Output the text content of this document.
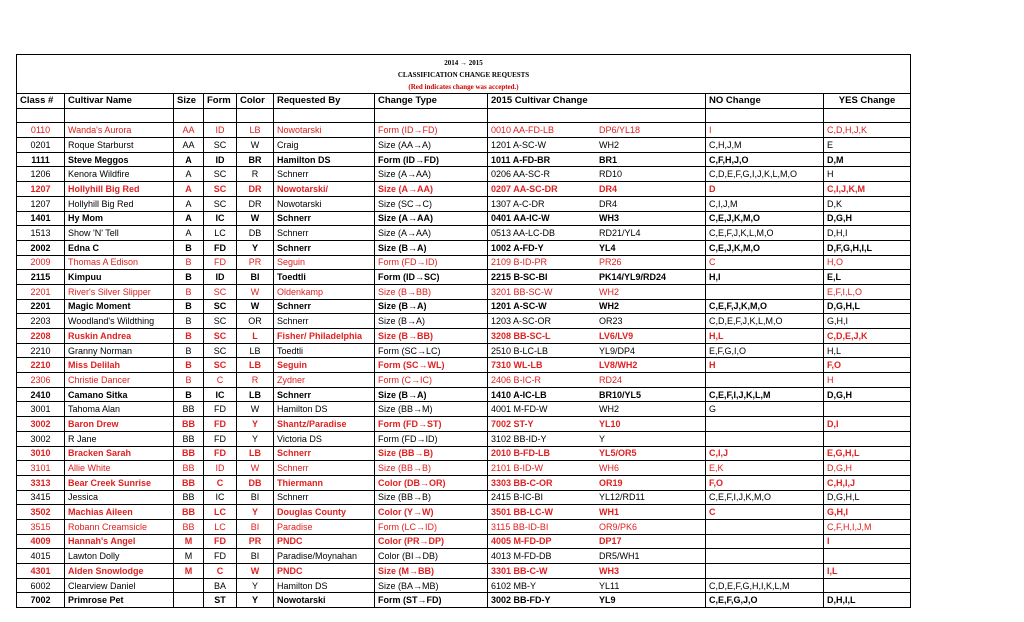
2014 → 2015
CLASSIFICATION CHANGE REQUESTS
(Red indicates change was accepted.)									

Class #	Cultivar Name	Size	Form	Color	Requested By	Change Type	2015 Cultivar Change	NO Change	YES Change

0110	Wanda's Aurora	AA	ID	LB	Nowotarski	Form (ID→FD)	0010 AA-FD-LB DP6/YL18	I	C,D,H,J,K
0201	Roque Starburst	AA	SC	W	Craig	Size (AA→A)	1201 A-SC-W WH2	C,H,J,M	E
1111	Steve Meggos	A	ID	BR	Hamilton DS	Form (ID→FD)	1011 A-FD-BR BR1	C,F,H,J,O	D,M
1206	Kenora Wildfire	A	SC	R	Schnerr	Size (A→AA)	0206 AA-SC-R RD10	C,D,E,F,G,I,J,K,L,M,O	H
1207	Hollyhill Big Red	A	SC	DR	Nowotarski/	Size (A→AA)	0207 AA-SC-DR DR4	D	C,I,J,K,M
1207	Hollyhill Big Red	A	SC	DR	Nowotarski	Size (SC→C)	1307 A-C-DR DR4	C,I,J,M	D,K
1401	Hy Mom	A	IC	W	Schnerr	Size (A→AA)	0401 AA-IC-W WH3	C,E,J,K,M,O	D,G,H
1513	Show 'N' Tell	A	LC	DB	Schnerr	Size (A→AA)	0513 AA-LC-DB RD21/YL4	C,E,F,J,K,L,M,O	D,H,I
2002	Edna C	B	FD	Y	Schnerr	Size (B→A)	1002 A-FD-Y YL4	C,E,J,K,M,O	D,F,G,H,I,L
2009	Thomas A Edison	B	FD	PR	Seguin	Form (FD→ID)	2109 B-ID-PR PR26	C	H,O
2115	Kimpuu	B	ID	BI	Toedtli	Form (ID→SC)	2215 B-SC-BI PK14/YL9/RD24	H,I	E,L
2201	River's Silver Slipper	B	SC	W	Oldenkamp	Size (B→BB)	3201 BB-SC-W WH2		E,F,I,L,O
2201	Magic Moment	B	SC	W	Schnerr	Size (B→A)	1201 A-SC-W WH2	C,E,F,J,K,M,O	D,G,H,L
2203	Woodland's Wildthing	B	SC	OR	Schnerr	Size (B→A)	1203 A-SC-OR OR23	C,D,E,F,J,K,L,M,O	G,H,I
2208	Ruskin Andrea	B	SC	L	Fisher/ Philadelphia	Size (B→BB)	3208 BB-SC-L LV6/LV9	H,L	C,D,E,J,K
2210	Granny Norman	B	SC	LB	Toedtli	Form (SC→LC)	2510 B-LC-LB YL9/DP4	E,F,G,I,O	H,L
2210	Miss Delilah	B	SC	LB	Seguin	Form (SC→WL)	7310 WL-LB LV8/WH2	H	F,O
2306	Christie Dancer	B	C	R	Zydner	Form (C→IC)	2406 B-IC-R RD24		H
2410	Camano Sitka	B	IC	LB	Schnerr	Size (B→A)	1410 A-IC-LB BR10/YL5	C,E,F,I,J,K,L,M	D,G,H
3001	Tahoma Alan	BB	FD	W	Hamilton DS	Size (BB→M)	4001 M-FD-W WH2	G	
3002	Baron Drew	BB	FD	Y	Shantz/Paradise	Form (FD→ST)	7002 ST-Y YL10		D,I
3002	R Jane	BB	FD	Y	Victoria DS	Form (FD→ID)	3102 BB-ID-Y Y		
3010	Bracken Sarah	BB	FD	LB	Schnerr	Size (BB→B)	2010 B-FD-LB YL5/OR5	C,I,J	E,G,H,L
3101	Allie White	BB	ID	W	Schnerr	Size (BB→B)	2101 B-ID-W WH6	E,K	D,G,H
3313	Bear Creek Sunrise	BB	C	DB	Thiermann	Color (DB→OR)	3303 BB-C-OR OR19	F,O	C,H,I,J
3415	Jessica	BB	IC	BI	Schnerr	Size (BB→B)	2415 B-IC-BI YL12/RD11	C,E,F,I,J,K,M,O	D,G,H,L
3502	Machias Aileen	BB	LC	Y	Douglas County	Color (Y→W)	3501 BB-LC-W WH1	C	G,H,I
3515	Robann Creamsicle	BB	LC	BI	Paradise	Form (LC→ID)	3115 BB-ID-BI OR9/PK6		C,F,H,I,J,M
4009	Hannah's Angel	M	FD	PR	PNDC	Color (PR→DP)	4005 M-FD-DP DP17		I
4015	Lawton Dolly	M	FD	BI	Paradise/Moynahan	Color (BI→DB)	4013 M-FD-DB DR5/WH1		
4301	Alden Snowlodge	M	C	W	PNDC	Size (M→BB)	3301 BB-C-W WH3		I,L
6002	Clearview Daniel		BA	Y	Hamilton DS	Size (BA→MB)	6102 MB-Y YL11	C,D,E,F,G,H,I,K,L,M	
7002	Primrose Pet		ST	Y	Nowotarski	Form (ST→FD)	3002 BB-FD-Y YL9	C,E,F,G,J,O	D,H,I,L
